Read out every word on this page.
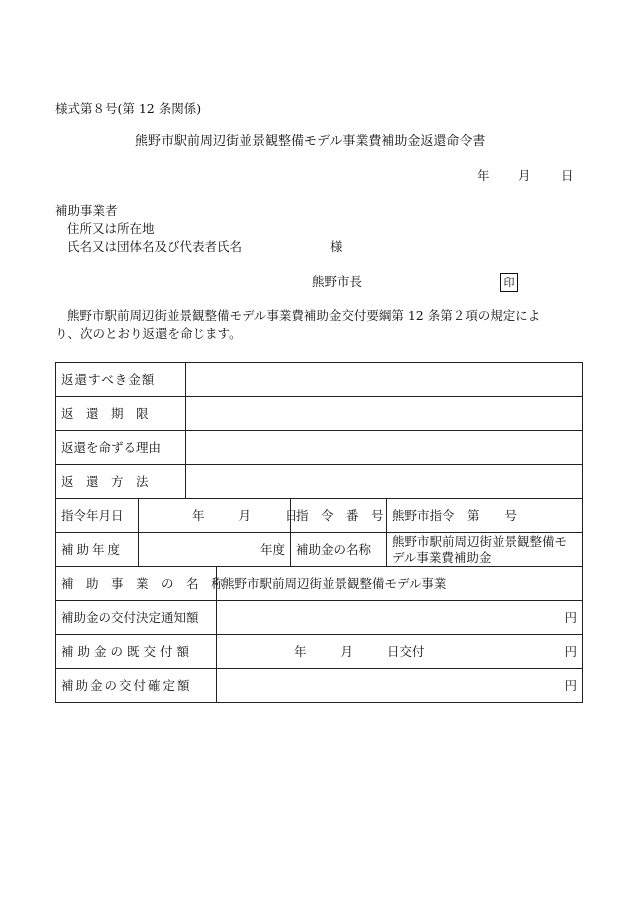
様式第８号(第 12 条関係)
熊野市駅前周辺街並景観整備モデル事業費補助金返還命令書
年 月 日
補助事業者
住所又は所在地
氏名又は団体名及び代表者氏名	様
熊野市長	印
熊野市駅前周辺街並景観整備モデル事業費補助金交付要綱第 12 条第２項の規定によ
り、次のとおり返還を命じます。
返還すべき金額					
返　還　期　限					
返還を命ずる理由					
返　還　方　法					
指令年月日	年 月 日			指　令　番　号	熊野市指令　第　　号
補助年度	年度			補助金の名称	熊野市駅前周辺街並景観整備モデル事業費補助金
補　助　事　業　の　名　称			熊野市駅前周辺街並景観整備モデル事業		
補助金の交付決定通知額			円		
補助金の既交付額			年 月 日交付 円		

補助金の交付確定額			円		
